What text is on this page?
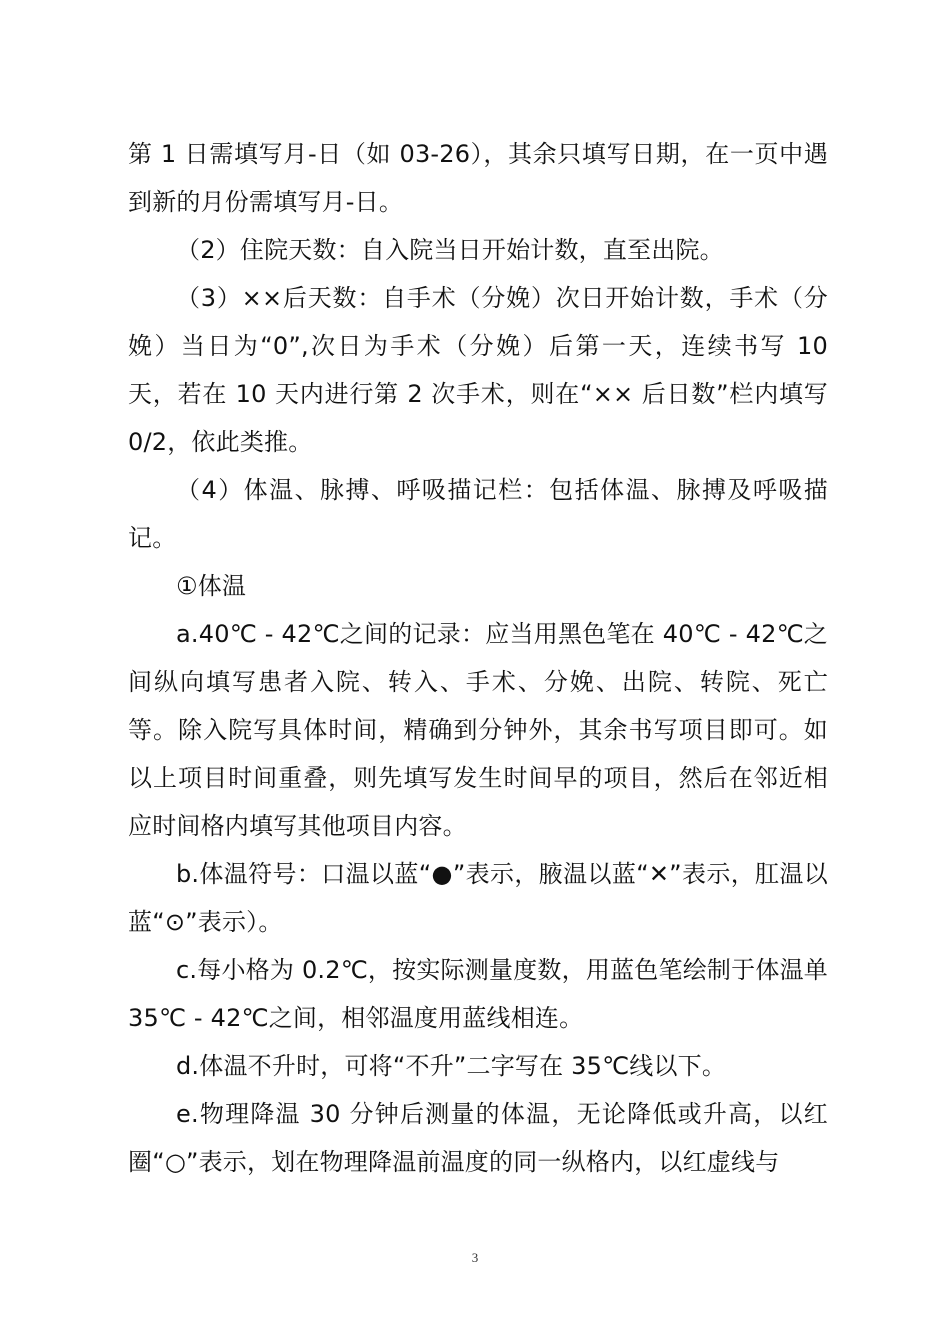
第 1 日需填写月-日（如 03-26），其余只填写日期，在一页中遇到新的月份需填写月-日。

（2）住院天数：自入院当日开始计数，直至出院。

（3）××后天数：自手术（分娩）次日开始计数，手术（分娩）当日为“0”,次日为手术（分娩）后第一天，连续书写 10 天，若在 10 天内进行第 2 次手术，则在“×× 后日数”栏内填写 0/2，依此类推。

（4）体温、脉搏、呼吸描记栏：包括体温、脉搏及呼吸描记。

①体温

a.40℃ - 42℃之间的记录：应当用黑色笔在 40℃ - 42℃之间纵向填写患者入院、转入、手术、分娩、出院、转院、死亡等。除入院写具体时间，精确到分钟外，其余书写项目即可。如以上项目时间重叠，则先填写发生时间早的项目，然后在邻近相应时间格内填写其他项目内容。

b.体温符号：口温以蓝“●”表示，腋温以蓝“✕”表示，肛温以蓝“⊙”表示）。

c.每小格为 0.2℃，按实际测量度数，用蓝色笔绘制于体温单 35℃ - 42℃之间，相邻温度用蓝线相连。

d.体温不升时，可将“不升”二字写在 35℃线以下。

e.物理降温 30 分钟后测量的体温，无论降低或升高，以红圈“○”表示，划在物理降温前温度的同一纵格内，以红虚线与

3
